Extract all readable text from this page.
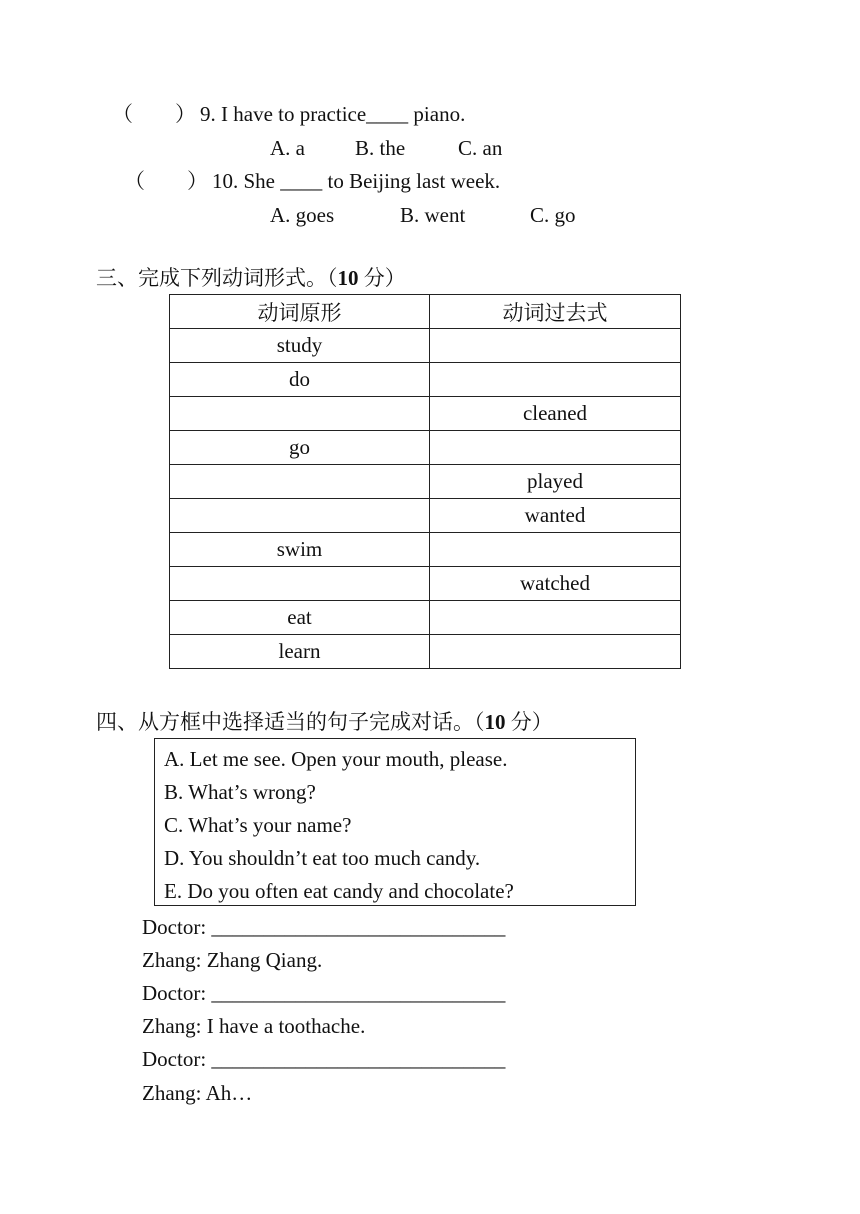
（        ） 9. I have to practice____ piano.
A. a B. the	C. an
（        ） 10. She ____ to Beijing last week.
A. goes	B. went	C. go
三、完成下列动词形式。（10 分）
动词原形	动词过去式
study	
do	
	cleaned
go	
	played
	wanted
swim	
	watched
eat	
learn	
四、从方框中选择适当的句子完成对话。（10 分）
A. Let me see. Open your mouth, please.
B. What’s wrong?
C. What’s your name?
D. You shouldn’t eat too much candy.
E. Do you often eat candy and chocolate?
Doctor: ____________________________
Zhang: Zhang Qiang.
Doctor: ____________________________
Zhang: I have a toothache.
Doctor: ____________________________
Zhang: Ah…
